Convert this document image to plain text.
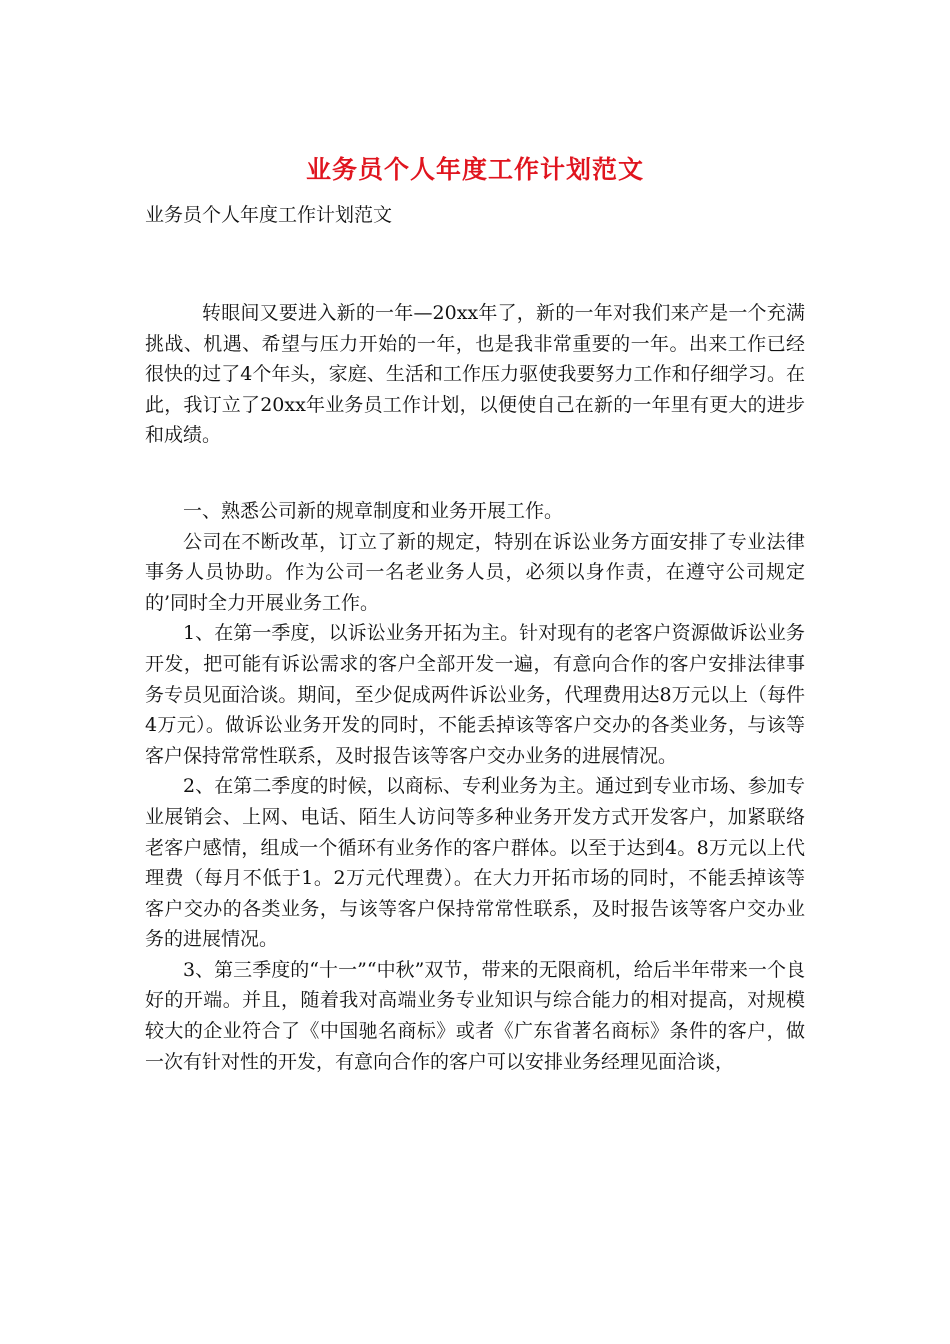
业务员个人年度工作计划范文
业务员个人年度工作计划范文

转眼间又要进入新的一年—20xx年了，新的一年对我们来产是一个充满挑战、机遇、希望与压力开始的一年，也是我非常重要的一年。出来工作已经很快的过了4个年头，家庭、生活和工作压力驱使我要努力工作和仔细学习。在此，我订立了20xx年业务员工作计划，以便使自己在新的一年里有更大的进步和成绩。

一、熟悉公司新的规章制度和业务开展工作。

公司在不断改革，订立了新的规定，特别在诉讼业务方面安排了专业法律事务人员协助。作为公司一名老业务人员，必须以身作责，在遵守公司规定的’同时全力开展业务工作。

1、在第一季度，以诉讼业务开拓为主。针对现有的老客户资源做诉讼业务开发，把可能有诉讼需求的客户全部开发一遍，有意向合作的客户安排法律事务专员见面洽谈。期间，至少促成两件诉讼业务，代理费用达8万元以上（每件4万元）。做诉讼业务开发的同时，不能丢掉该等客户交办的各类业务，与该等客户保持常常性联系，及时报告该等客户交办业务的进展情况。

2、在第二季度的时候，以商标、专利业务为主。通过到专业市场、参加专业展销会、上网、电话、陌生人访问等多种业务开发方式开发客户，加紧联络老客户感情，组成一个循环有业务作的客户群体。以至于达到4。8万元以上代理费（每月不低于1。2万元代理费）。在大力开拓市场的同时，不能丢掉该等客户交办的各类业务，与该等客户保持常常性联系，及时报告该等客户交办业务的进展情况。

3、第三季度的“十一”“中秋”双节，带来的无限商机，给后半年带来一个良好的开端。并且，随着我对高端业务专业知识与综合能力的相对提高，对规模较大的企业符合了《中国驰名商标》或者《广东省著名商标》条件的客户，做一次有针对性的开发，有意向合作的客户可以安排业务经理见面洽谈，
